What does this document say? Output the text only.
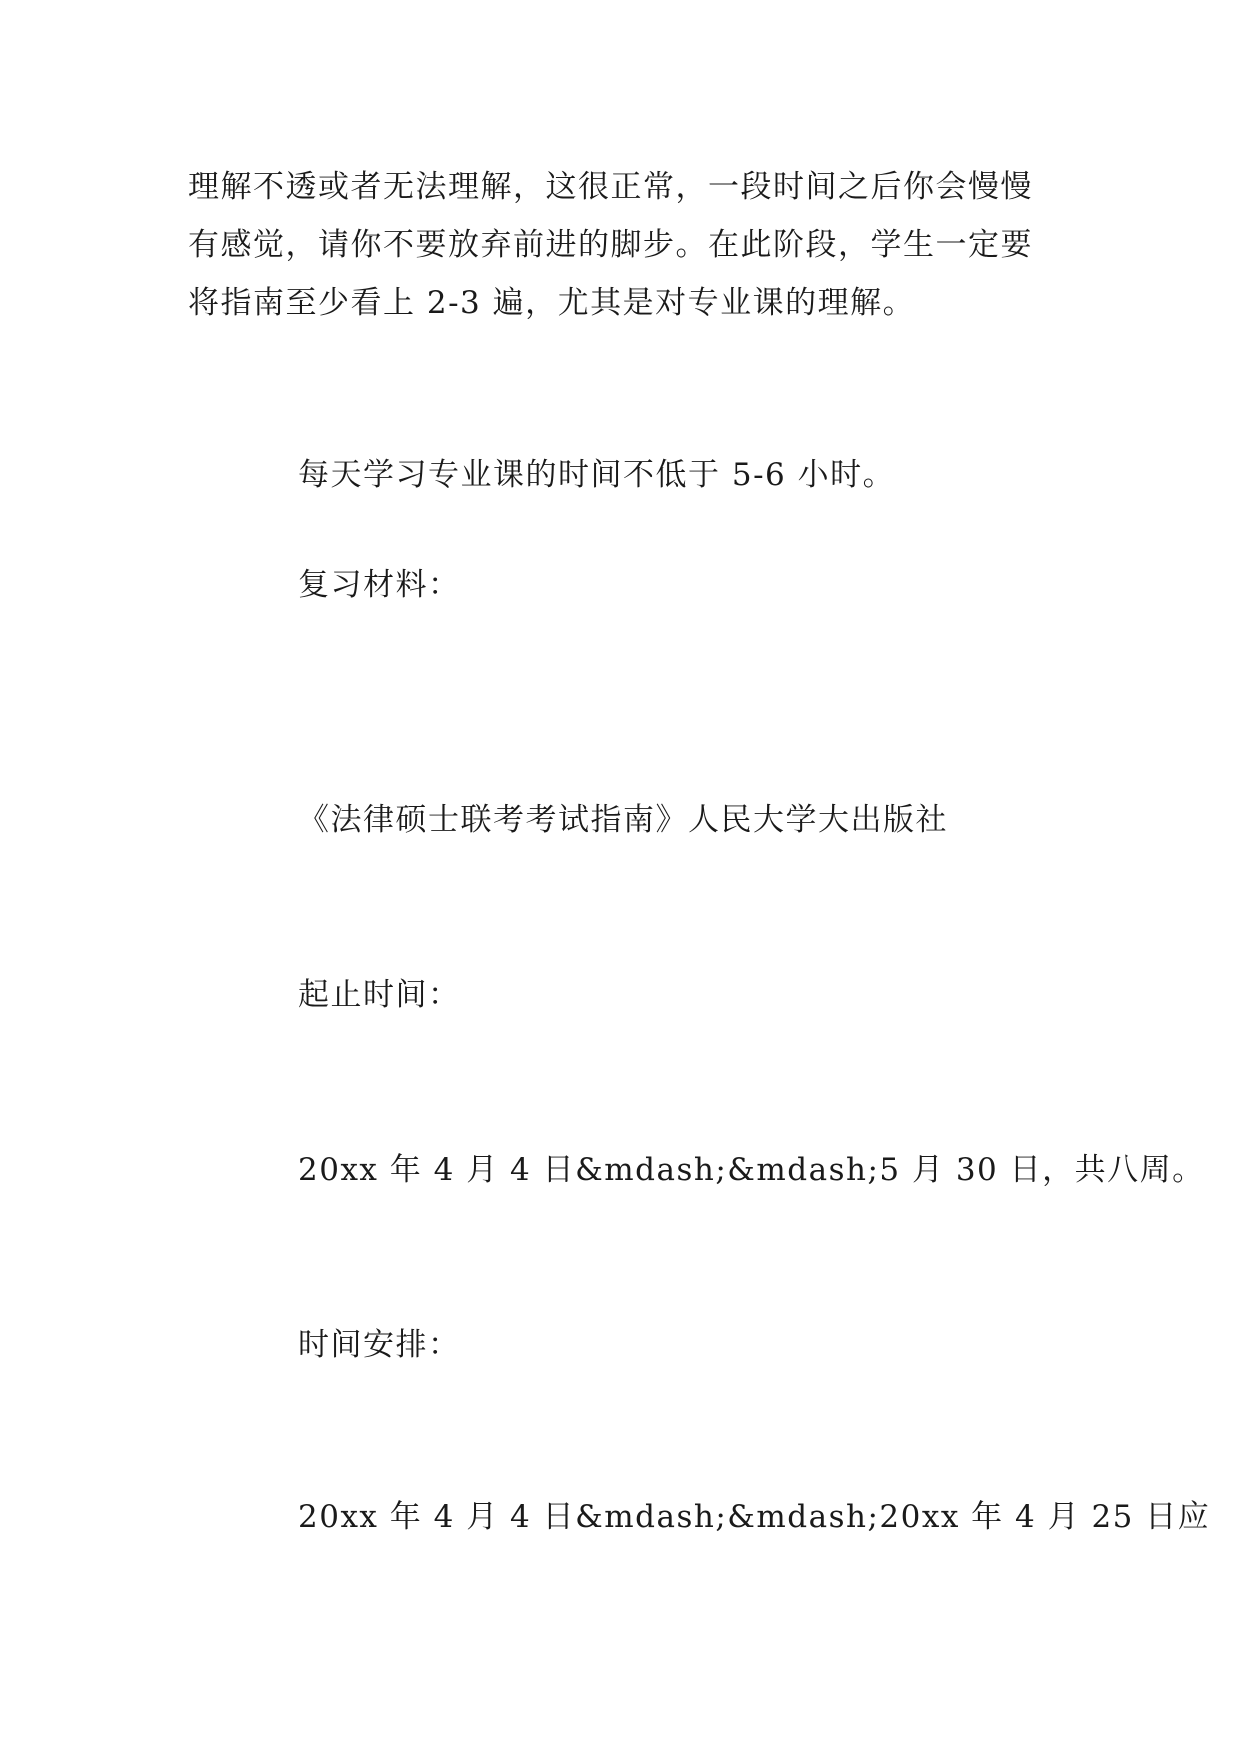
理解不透或者无法理解，这很正常，一段时间之后你会慢慢

有感觉，请你不要放弃前进的脚步。在此阶段，学生一定要

将指南至少看上 2-3 遍，尤其是对专业课的理解。

每天学习专业课的时间不低于 5-6 小时。

复习材料：

《法律硕士联考考试指南》人民大学大出版社

起止时间：

20xx 年 4 月 4 日&mdash;&mdash;5 月 30 日，共八周。

时间安排：

20xx 年 4 月 4 日&mdash;&mdash;20xx 年 4 月 25 日应
